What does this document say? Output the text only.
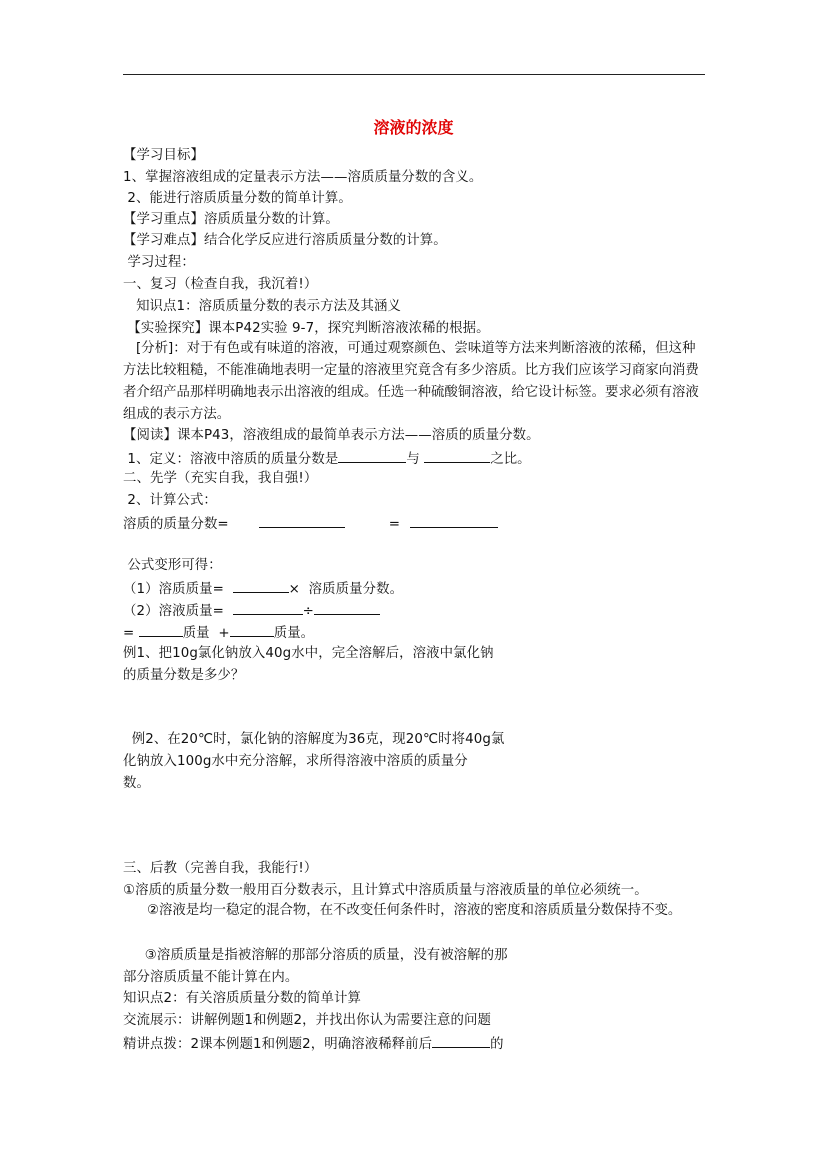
溶液的浓度
【学习目标】
1、掌握溶液组成的定量表示方法——溶质质量分数的含义。
2、能进行溶质质量分数的简单计算。
【学习重点】溶质质量分数的计算。
【学习难点】结合化学反应进行溶质质量分数的计算。
学习过程：
一、复习（检查自我，我沉着!）
知识点1：溶质质量分数的表示方法及其涵义
【实验探究】课本P42实验 9-7，探究判断溶液浓稀的根据。
[分析]：对于有色或有味道的溶液，可通过观察颜色、尝味道等方法来判断溶液的浓稀，但这种方法比较粗糙，不能准确地表明一定量的溶液里究竟含有多少溶质。比方我们应该学习商家向消费者介绍产品那样明确地表示出溶液的组成。任选一种硫酸铜溶液，给它设计标签。要求必须有溶液组成的表示方法。
【阅读】课本P43，溶液组成的最简单表示方法——溶质的质量分数。
1、定义：溶液中溶质的质量分数是	与	之比。
二、先学（充实自我，我自强!）
2、计算公式：
溶质的质量分数=	=
公式变形可得：
（1）溶质质量=	×  溶质质量分数。
（2）溶液质量=	÷
=	质量  +	质量。
例1、把10g氯化钠放入40g水中，完全溶解后，溶液中氯化钠
的质量分数是多少？
例2、在20℃时，氯化钠的溶解度为36克，现20℃时将40g氯
化钠放入100g水中充分溶解，求所得溶液中溶质的质量分
数。
三、后教（完善自我，我能行!）
①溶质的质量分数一般用百分数表示，且计算式中溶质质量与溶液质量的单位必须统一。
②溶液是均一稳定的混合物，在不改变任何条件时，溶液的密度和溶质质量分数保持不变。
③溶质质量是指被溶解的那部分溶质的质量，没有被溶解的那
部分溶质质量不能计算在内。
知识点2：有关溶质质量分数的简单计算
交流展示：讲解例题1和例题2，并找出你认为需要注意的问题
精讲点拨：2课本例题1和例题2，明确溶液稀释前后	的
